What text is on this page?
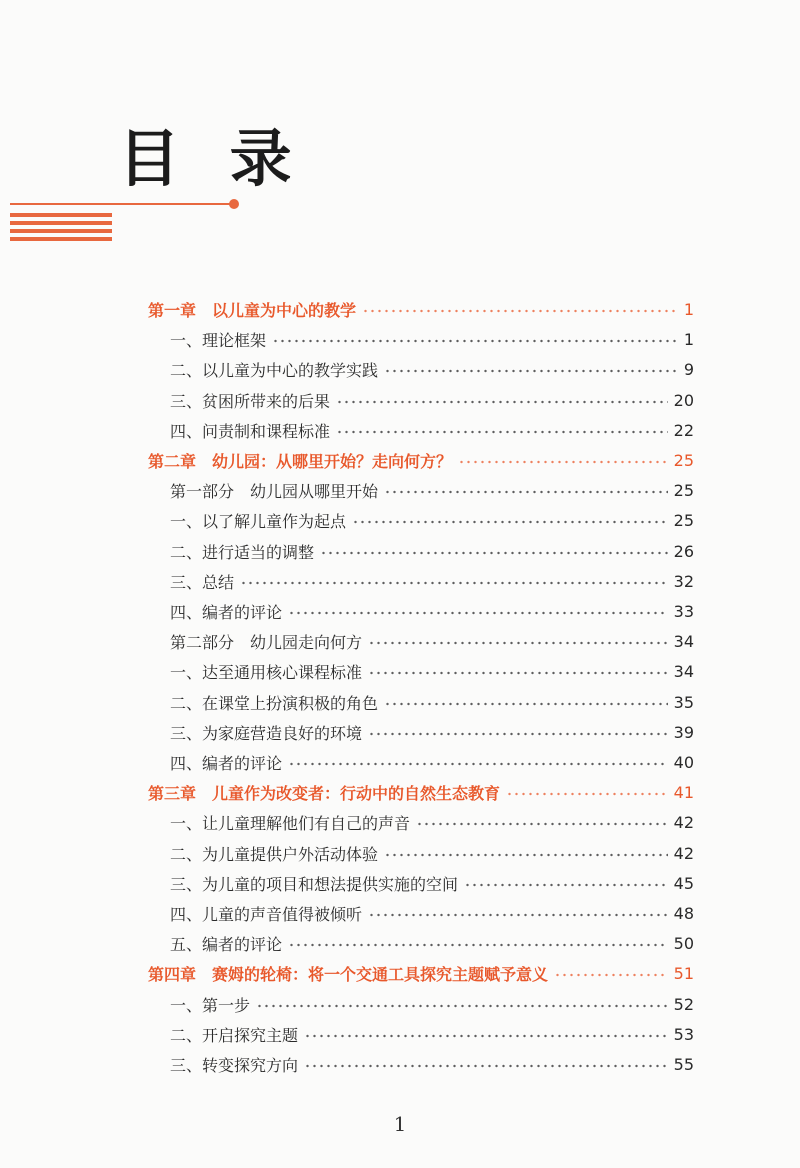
目 录
第一章　以儿童为中心的教学	1
一、理论框架	1
二、以儿童为中心的教学实践	9
三、贫困所带来的后果	20
四、问责制和课程标准	22
第二章　幼儿园：从哪里开始？走向何方？	25
第一部分　幼儿园从哪里开始	25
一、以了解儿童作为起点	25
二、进行适当的调整	26
三、总结	32
四、编者的评论	33
第二部分　幼儿园走向何方	34
一、达至通用核心课程标准	34
二、在课堂上扮演积极的角色	35
三、为家庭营造良好的环境	39
四、编者的评论	40
第三章　儿童作为改变者：行动中的自然生态教育	41
一、让儿童理解他们有自己的声音	42
二、为儿童提供户外活动体验	42
三、为儿童的项目和想法提供实施的空间	45
四、儿童的声音值得被倾听	48
五、编者的评论	50
第四章　赛姆的轮椅：将一个交通工具探究主题赋予意义	51
一、第一步	52
二、开启探究主题	53
三、转变探究方向	55
1
